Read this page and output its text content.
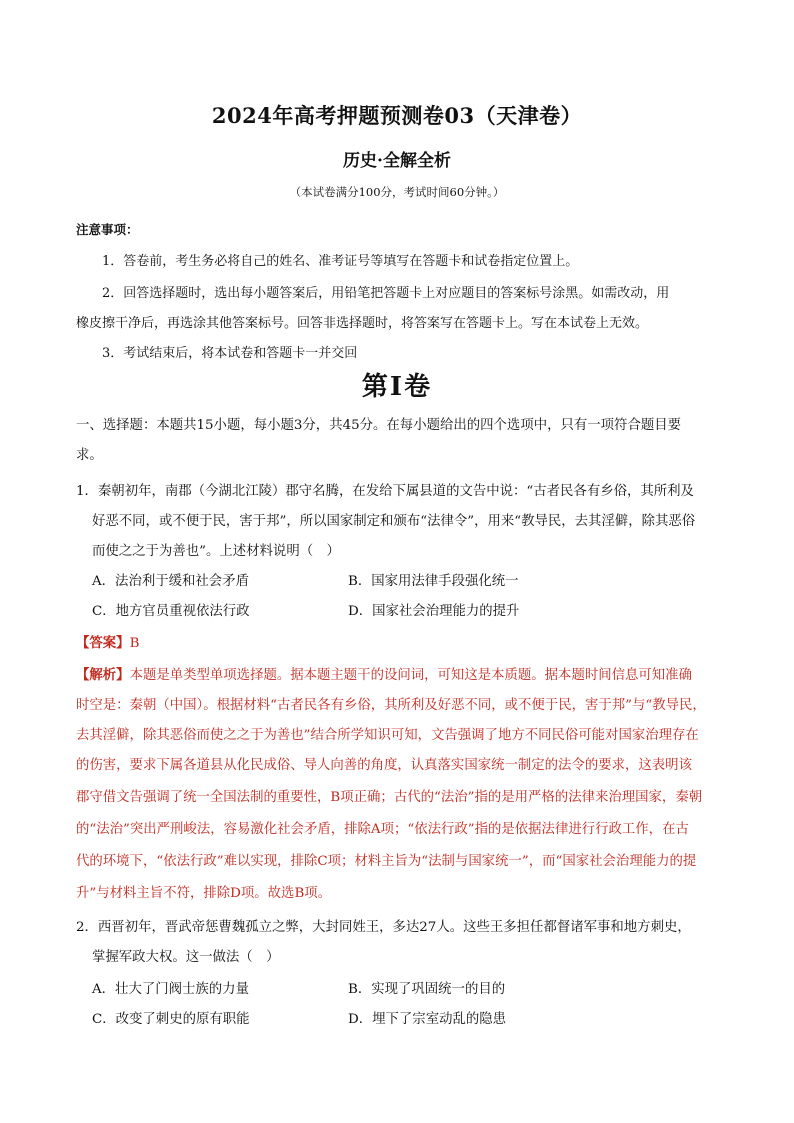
2024年高考押题预测卷03（天津卷）
历史·全解全析
（本试卷满分100分，考试时间60分钟。）
注意事项：
1．答卷前，考生务必将自己的姓名、准考证号等填写在答题卡和试卷指定位置上。
2．回答选择题时，选出每小题答案后，用铅笔把答题卡上对应题目的答案标号涂黑。如需改动，用
橡皮擦干净后，再选涂其他答案标号。回答非选择题时，将答案写在答题卡上。写在本试卷上无效。
3．考试结束后，将本试卷和答题卡一并交回
第Ⅰ卷
一、选择题：本题共15小题，每小题3分，共45分。在每小题给出的四个选项中，只有一项符合题目要
求。
1．秦朝初年，南郡（今湖北江陵）郡守名腾，在发给下属县道的文告中说：“古者民各有乡俗，其所利及
好恶不同，或不便于民，害于邦”，所以国家制定和颁布“法律令”，用来“教导民，去其淫僻，除其恶俗
而使之之于为善也”。上述材料说明（　）
A．法治利于缓和社会矛盾	B．国家用法律手段强化统一
C．地方官员重视依法行政	D．国家社会治理能力的提升
【答案】B
【解析】本题是单类型单项选择题。据本题主题干的设问词，可知这是本质题。据本题时间信息可知准确
时空是：秦朝（中国）。根据材料“古者民各有乡俗，其所利及好恶不同，或不便于民，害于邦”与“教导民，
去其淫僻，除其恶俗而使之之于为善也”结合所学知识可知，文告强调了地方不同民俗可能对国家治理存在
的伤害，要求下属各道县从化民成俗、导人向善的角度，认真落实国家统一制定的法令的要求，这表明该
郡守借文告强调了统一全国法制的重要性，B项正确；古代的“法治”指的是用严格的法律来治理国家，秦朝
的“法治”突出严刑峻法，容易激化社会矛盾，排除A项；“依法行政”指的是依据法律进行行政工作，在古
代的环境下，“依法行政”难以实现，排除C项；材料主旨为“法制与国家统一”，而“国家社会治理能力的提
升”与材料主旨不符，排除D项。故选B项。
2．西晋初年，晋武帝惩曹魏孤立之弊，大封同姓王，多达27人。这些王多担任都督诸军事和地方刺史，
掌握军政大权。这一做法（　）
A．壮大了门阀士族的力量	B．实现了巩固统一的目的
C．改变了刺史的原有职能	D．埋下了宗室动乱的隐患
